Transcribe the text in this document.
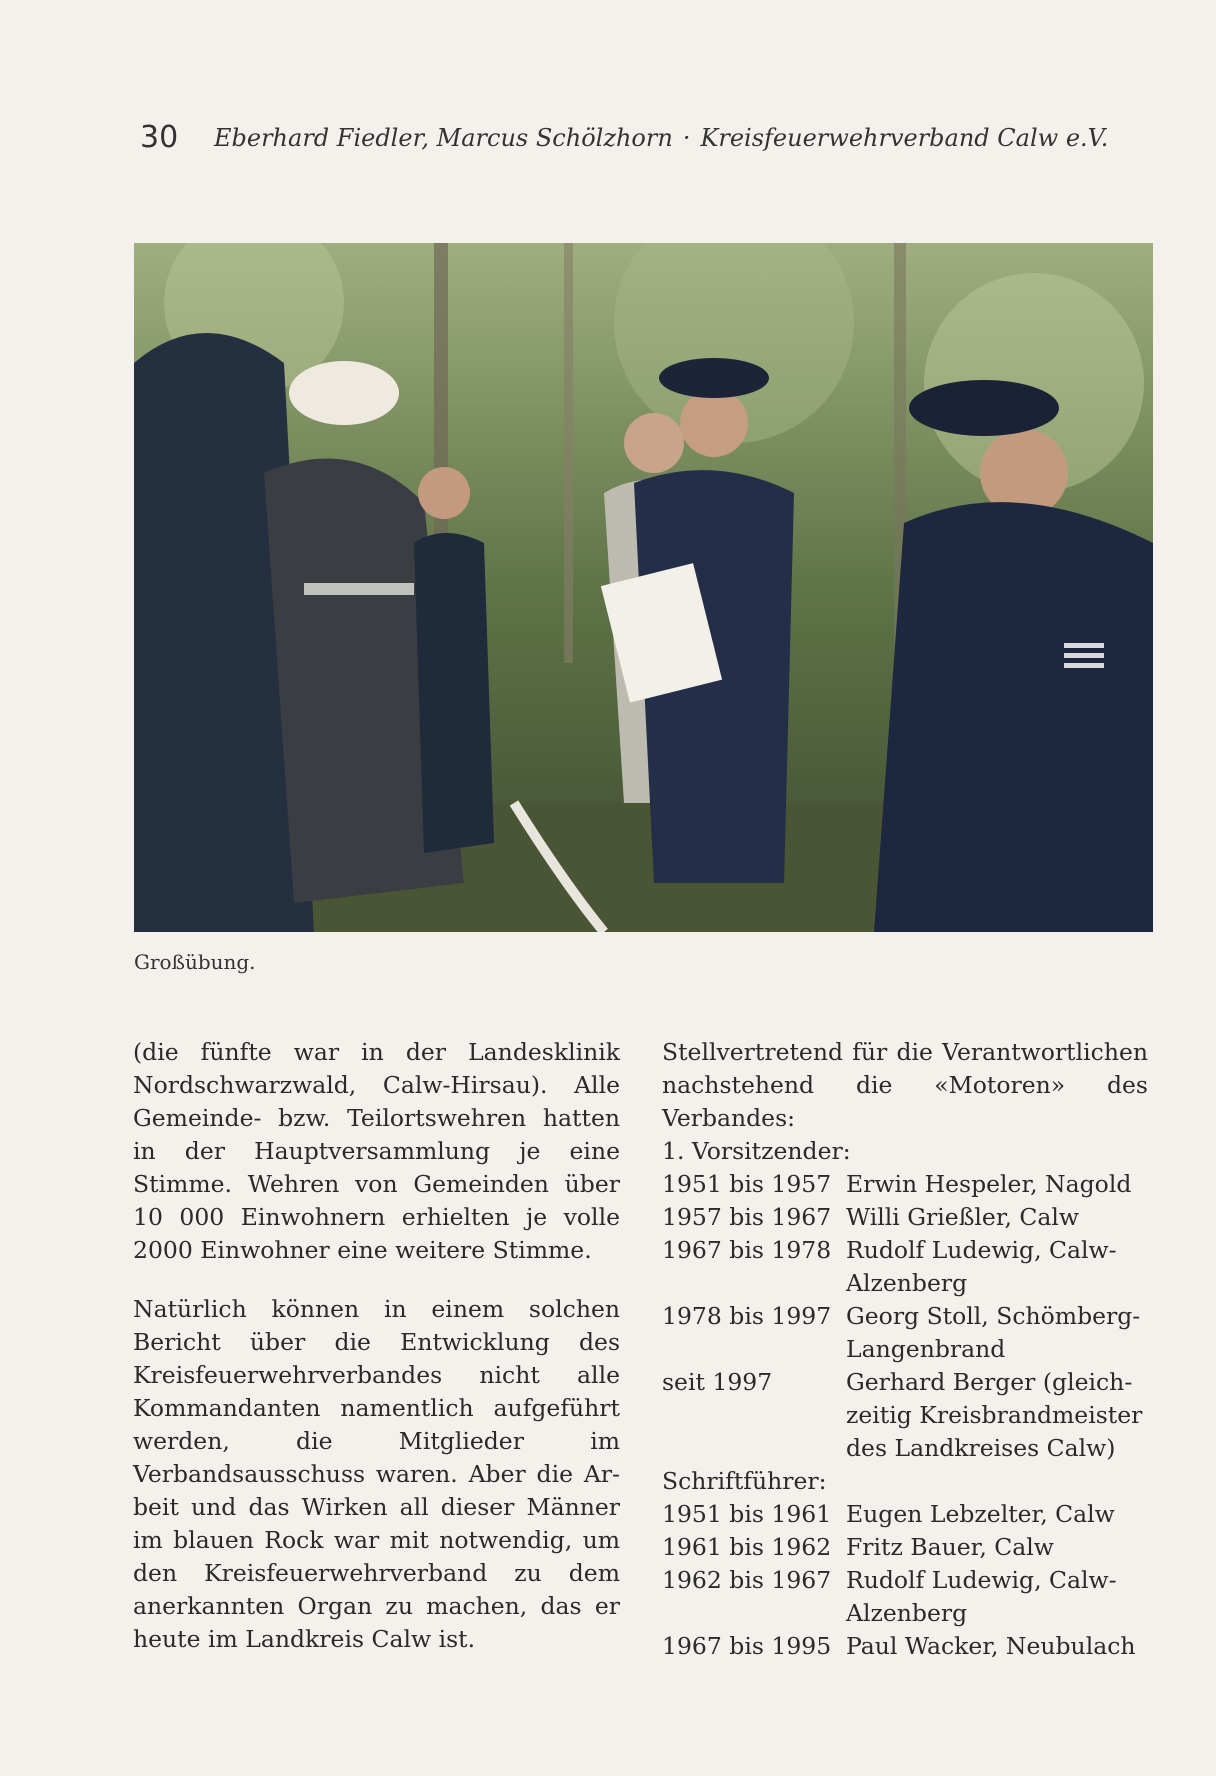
30 Eberhard Fiedler, Marcus Schölzhorn · Kreisfeuerwehrverband Calw e.V.
Großübung.

(die fünfte war in der Landesklinik Nordschwarzwald, Calw-Hirsau). Alle Gemeinde- bzw. Teilortswehren hatten in der Hauptversammlung je eine Stimme. Wehren von Gemeinden über 10 000 Einwohnern erhielten je volle 2000 Einwohner eine weitere Stimme.

Natürlich können in einem solchen Bericht über die Entwicklung des Kreisfeuerwehrverbandes nicht alle Kommandanten namentlich aufgeführt werden, die Mitglieder im Verbandsausschuss waren. Aber die Arbeit und das Wirken all dieser Männer im blauen Rock war mit notwendig, um den Kreisfeuerwehrverband zu dem anerkannten Organ zu machen, das er heute im Landkreis Calw ist.

Stellvertretend für die Verantwortlichen nachstehend die «Motoren» des Verbandes:

1. Vorsitzender:
1951 bis 1957 Erwin Hespeler, Nagold
1957 bis 1967 Willi Grießler, Calw
1967 bis 1978 Rudolf Ludewig, Calw-Alzenberg
1978 bis 1997 Georg Stoll, Schömberg-Langenbrand
seit 1997	Gerhard Berger (gleichzeitig Kreisbrandmeister des Landkreises Calw)
Schriftführer:
1951 bis 1961 Eugen Lebzelter, Calw
1961 bis 1962 Fritz Bauer, Calw
1962 bis 1967 Rudolf Ludewig, Calw-Alzenberg
1967 bis 1995 Paul Wacker, Neubulach
